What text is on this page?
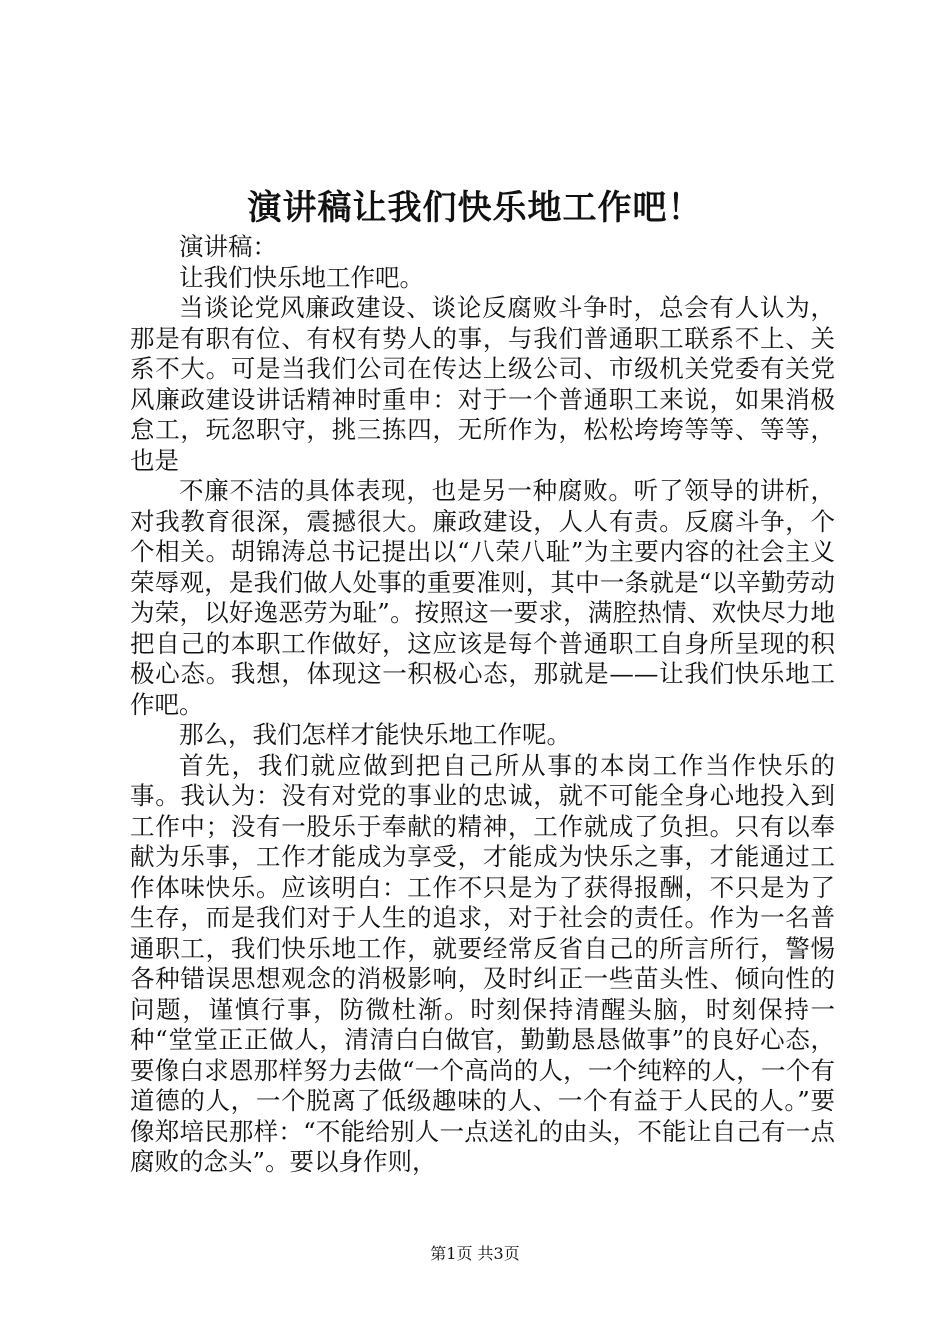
演讲稿让我们快乐地工作吧！

演讲稿：

让我们快乐地工作吧。

当谈论党风廉政建设、谈论反腐败斗争时，总会有人认为，那是有职有位、有权有势人的事，与我们普通职工联系不上、关系不大。可是当我们公司在传达上级公司、市级机关党委有关党风廉政建设讲话精神时重申：对于一个普通职工来说，如果消极怠工，玩忽职守，挑三拣四，无所作为，松松垮垮等等、等等，也是

不廉不洁的具体表现，也是另一种腐败。听了领导的讲析，对我教育很深，震撼很大。廉政建设，人人有责。反腐斗争，个个相关。胡锦涛总书记提出以“八荣八耻”为主要内容的社会主义荣辱观，是我们做人处事的重要准则，其中一条就是“以辛勤劳动为荣，以好逸恶劳为耻”。按照这一要求，满腔热情、欢快尽力地把自己的本职工作做好，这应该是每个普通职工自身所呈现的积极心态。我想，体现这一积极心态，那就是——让我们快乐地工作吧。

那么，我们怎样才能快乐地工作呢。

首先，我们就应做到把自己所从事的本岗工作当作快乐的事。我认为：没有对党的事业的忠诚，就不可能全身心地投入到工作中；没有一股乐于奉献的精神，工作就成了负担。只有以奉献为乐事，工作才能成为享受，才能成为快乐之事，才能通过工作体味快乐。应该明白：工作不只是为了获得报酬，不只是为了生存，而是我们对于人生的追求，对于社会的责任。作为一名普通职工，我们快乐地工作，就要经常反省自己的所言所行，警惕各种错误思想观念的消极影响，及时纠正一些苗头性、倾向性的问题，谨慎行事，防微杜渐。时刻保持清醒头脑，时刻保持一种“堂堂正正做人，清清白白做官，勤勤恳恳做事”的良好心态，要像白求恩那样努力去做“一个高尚的人，一个纯粹的人，一个有道德的人，一个脱离了低级趣味的人、一个有益于人民的人。”要像郑培民那样：“不能给别人一点送礼的由头，不能让自己有一点腐败的念头”。要以身作则，

第1页 共3页
